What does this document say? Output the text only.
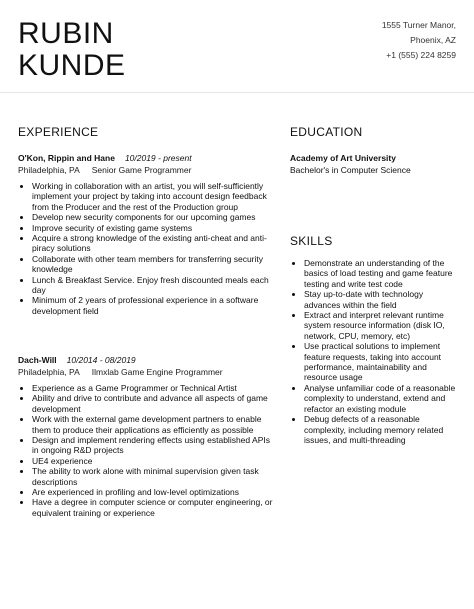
RUBIN
KUNDE
1555 Turner Manor,
Phoenix, AZ
+1 (555) 224 8259
EXPERIENCE
O'Kon, Rippin and Hane 10/2019 - present
Philadelphia, PA Senior Game Programmer
• Working in collaboration with an artist, you will self-sufficiently implement your project by taking into account design feedback from the Producer and the rest of the Production group
• Develop new security components for our upcoming games
• Improve security of existing game systems
• Acquire a strong knowledge of the existing anti-cheat and anti-piracy solutions
• Collaborate with other team members for transferring security knowledge
• Lunch & Breakfast Service. Enjoy fresh discounted meals each day
• Minimum of 2 years of professional experience in a software development field
Dach-Will 10/2014 - 08/2019
Philadelphia, PA Ilmxlab Game Engine Programmer
• Experience as a Game Programmer or Technical Artist
• Ability and drive to contribute and advance all aspects of game development
• Work with the external game development partners to enable them to produce their applications as efficiently as possible
• Design and implement rendering effects using established APIs in ongoing R&D projects
• UE4 experience
• The ability to work alone with minimal supervision given task descriptions
• Are experienced in profiling and low-level optimizations
• Have a degree in computer science or computer engineering, or equivalent training or experience
EDUCATION
Academy of Art University
Bachelor's in Computer Science
SKILLS
• Demonstrate an understanding of the basics of load testing and game feature testing and write test code
• Stay up-to-date with technology advances within the field
• Extract and interpret relevant runtime system resource information (disk IO, network, CPU, memory, etc)
• Use practical solutions to implement feature requests, taking into account performance, maintainability and resource usage
• Analyse unfamiliar code of a reasonable complexity to understand, extend and refactor an existing module
• Debug defects of a reasonable complexity, including memory related issues, and multi-threading
